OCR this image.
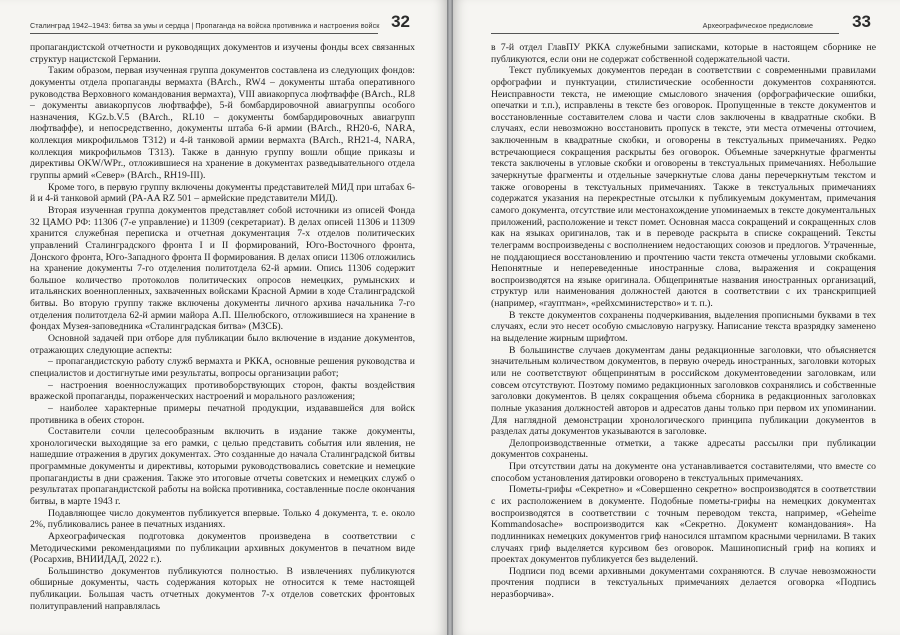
Сталинград 1942–1943: битва за умы и сердца | Пропаганда на войска противника и настроения войск 32

пропагандистской отчетности и руководящих документов и изучены фонды всех связанных структур нацистской Германии.

Таким образом, первая изученная группа документов составлена из следующих фондов: документы отдела пропаганды вермахта (BArch., RW4 – документы штаба оперативного руководства Верховного командования вермахта), VIII авиакорпуса люфтваффе (BArch., RL8 – документы авиакорпусов люфтваффе), 5-й бомбардировочной авиагруппы особого назначения, KGz.b.V.5 (BArch., RL10 – документы бомбардировочных авиагрупп люфтваффе), и непосредственно, документы штаба 6-й армии (BArch., RH20-6, NARA, коллекция микрофильмов T312) и 4-й танковой армии вермахта (BArch., RH21-4, NARA, коллекция микрофильмов T313). Также в данную группу вошли общие приказы и директивы OKW/WPr., отложившиеся на хранение в документах разведывательного отдела группы армий «Север» (BArch., RH19-III).

Кроме того, в первую группу включены документы представителей МИД при штабах 6-й и 4-й танковой армий (PA-AA RZ 501 – армейские представители МИД).

Вторая изученная группа документов представляет собой источники из описей Фонда 32 ЦАМО РФ: 11306 (7-е управление) и 11309 (секретариат). В делах описей 11306 и 11309 хранится служебная переписка и отчетная документация 7-х отделов политических управлений Сталинградского фронта I и II формирований, Юго-Восточного фронта, Донского фронта, Юго-Западного фронта II формирования. В делах описи 11306 отложились на хранение документы 7-го отделения политотдела 62-й армии. Опись 11306 содержит большое количество протоколов политических опросов немецких, румынских и итальянских военнопленных, захваченных войсками Красной Армии в ходе Сталинградской битвы. Во вторую группу также включены документы личного архива начальника 7-го отделения политотдела 62-й армии майора А.П. Шелюбского, отложившиеся на хранение в фондах Музея-заповедника «Сталинградская битва» (МЗСБ).

Основной задачей при отборе для публикации было включение в издание документов, отражающих следующие аспекты:

– пропагандистскую работу служб вермахта и РККА, основные решения руководства и специалистов и достигнутые ими результаты, вопросы организации работ;

– настроения военнослужащих противоборствующих сторон, факты воздействия вражеской пропаганды, пораженческих настроений и морального разложения;

– наиболее характерные примеры печатной продукции, издававшейся для войск противника в обеих сторон.

Составители сочли целесообразным включить в издание также документы, хронологически выходящие за его рамки, с целью представить события или явления, не нашедшие отражения в других документах. Это созданные до начала Сталинградской битвы программные документы и директивы, которыми руководствовались советские и немецкие пропагандисты в дни сражения. Также это итоговые отчеты советских и немецких служб о результатах пропагандистской работы на войска противника, составленные после окончания битвы, в марте 1943 г.

Подавляющее число документов публикуется впервые. Только 4 документа, т. е. около 2%, публиковались ранее в печатных изданиях.

Археографическая подготовка документов произведена в соответствии с Методическими рекомендациями по публикации архивных документов в печатном виде (Росархив, ВНИИДАД, 2022 г.).

Большинство документов публикуются полностью. В извлечениях публикуются обширные документы, часть содержания которых не относится к теме настоящей публикации. Большая часть отчетных документов 7-х отделов советских фронтовых политуправлений направлялась

Археографическое предисловие 33

в 7-й отдел ГлавПУ РККА служебными записками, которые в настоящем сборнике не публикуются, если они не содержат собственной содержательной части.

Текст публикуемых документов передан в соответствии с современными правилами орфографии и пунктуации, стилистические особенности документов сохраняются. Неисправности текста, не имеющие смыслового значения (орфографические ошибки, опечатки и т.п.), исправлены в тексте без оговорок. Пропущенные в тексте документов и восстановленные составителем слова и части слов заключены в квадратные скобки. В случаях, если невозможно восстановить пропуск в тексте, эти места отмечены отточием, заключенным в квадратные скобки, и оговорены в текстуальных примечаниях. Редко встречающиеся сокращения раскрыты без оговорок. Объемные зачеркнутые фрагменты текста заключены в угловые скобки и оговорены в текстуальных примечаниях. Небольшие зачеркнутые фрагменты и отдельные зачеркнутые слова даны перечеркнутым текстом и также оговорены в текстуальных примечаниях. Также в текстуальных примечаниях содержатся указания на перекрестные отсылки к публикуемым документам, примечания самого документа, отсутствие или местонахождение упоминаемых в тексте документальных приложений, расположение и текст помет. Основная масса сокращений и сокращенных слов как на языках оригиналов, так и в переводе раскрыта в списке сокращений. Тексты телеграмм воспроизведены с восполнением недостающих союзов и предлогов. Утраченные, не поддающиеся восстановлению и прочтению части текста отмечены угловыми скобками. Непонятные и непереведенные иностранные слова, выражения и сокращения воспроизводятся на языке оригинала. Общепринятые названия иностранных организаций, структур или наименования должностей даются в соответствии с их транскрипцией (например, «гауптман», «рейхсминистерство» и т. п.).

В тексте документов сохранены подчеркивания, выделения прописными буквами в тех случаях, если это несет особую смысловую нагрузку. Написание текста вразрядку заменено на выделение жирным шрифтом.

В большинстве случаев документам даны редакционные заголовки, что объясняется значительным количеством документов, в первую очередь иностранных, заголовки которых или не соответствуют общепринятым в российском документоведении заголовкам, или совсем отсутствуют. Поэтому помимо редакционных заголовков сохранялись и собственные заголовки документов. В целях сокращения объема сборника в редакционных заголовках полные указания должностей авторов и адресатов даны только при первом их упоминании. Для наглядной демонстрации хронологического принципа публикации документов в разделах даты документов указываются в заголовке.

Делопроизводственные отметки, а также адресаты рассылки при публикации документов сохранены.

При отсутствии даты на документе она устанавливается составителями, что вместе со способом установления датировки оговорено в текстуальных примечаниях.

Пометы-грифы «Секретно» и «Совершенно секретно» воспроизводятся в соответствии с их расположением в документе. Подобные пометы-грифы на немецких документах воспроизводятся в соответствии с точным переводом текста, например, «Geheime Kommandosache» воспроизводится как «Секретно. Документ командования». На подлинниках немецких документов гриф наносился штампом красными чернилами. В таких случаях гриф выделяется курсивом без оговорок. Машинописный гриф на копиях и проектах документов публикуется без выделений.

Подписи под всеми архивными документами сохраняются. В случае невозможности прочтения подписи в текстуальных примечаниях делается оговорка «Подпись неразборчива».
